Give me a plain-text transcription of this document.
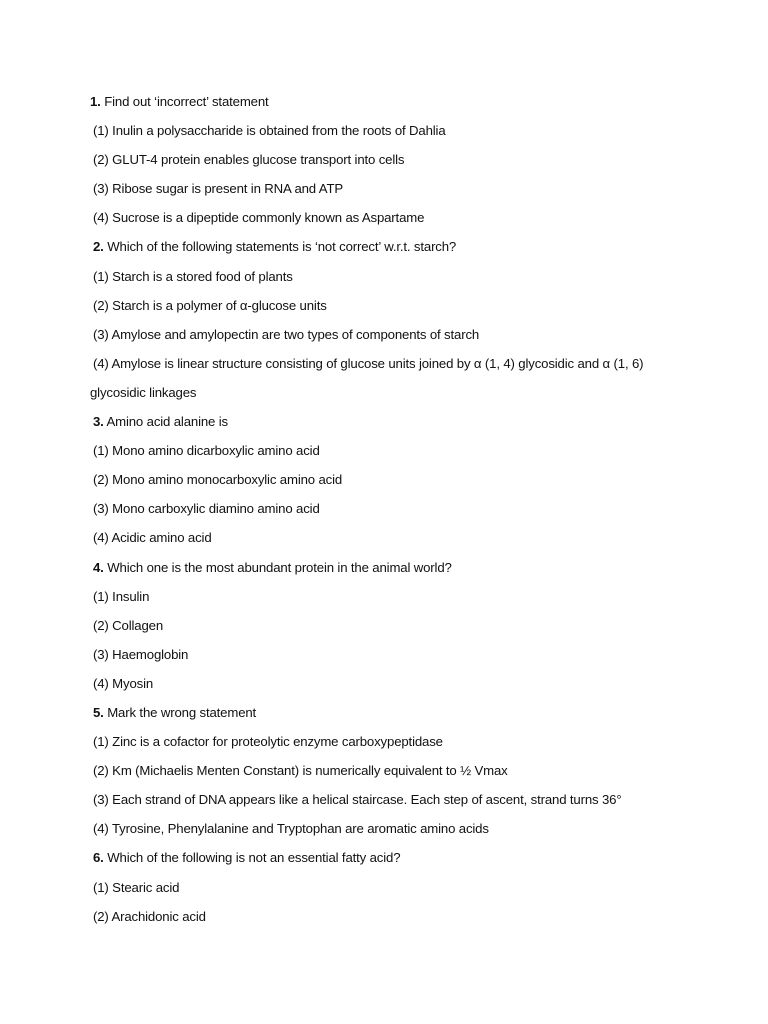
1. Find out ‘incorrect’ statement
(1) Inulin a polysaccharide is obtained from the roots of Dahlia
(2) GLUT-4 protein enables glucose transport into cells
(3) Ribose sugar is present in RNA and ATP
(4) Sucrose is a dipeptide commonly known as Aspartame
2. Which of the following statements is ‘not correct’ w.r.t. starch?
(1) Starch is a stored food of plants
(2) Starch is a polymer of α-glucose units
(3) Amylose and amylopectin are two types of components of starch
(4) Amylose is linear structure consisting of glucose units joined by α (1, 4) glycosidic and α (1, 6)
glycosidic linkages
3. Amino acid alanine is
(1) Mono amino dicarboxylic amino acid
(2) Mono amino monocarboxylic amino acid
(3) Mono carboxylic diamino amino acid
(4) Acidic amino acid
4. Which one is the most abundant protein in the animal world?
(1) Insulin
(2) Collagen
(3) Haemoglobin
(4) Myosin
5. Mark the wrong statement
(1) Zinc is a cofactor for proteolytic enzyme carboxypeptidase
(2) Km (Michaelis Menten Constant) is numerically equivalent to ½ Vmax
(3) Each strand of DNA appears like a helical staircase. Each step of ascent, strand turns 36°
(4) Tyrosine, Phenylalanine and Tryptophan are aromatic amino acids
6. Which of the following is not an essential fatty acid?
(1) Stearic acid
(2) Arachidonic acid
